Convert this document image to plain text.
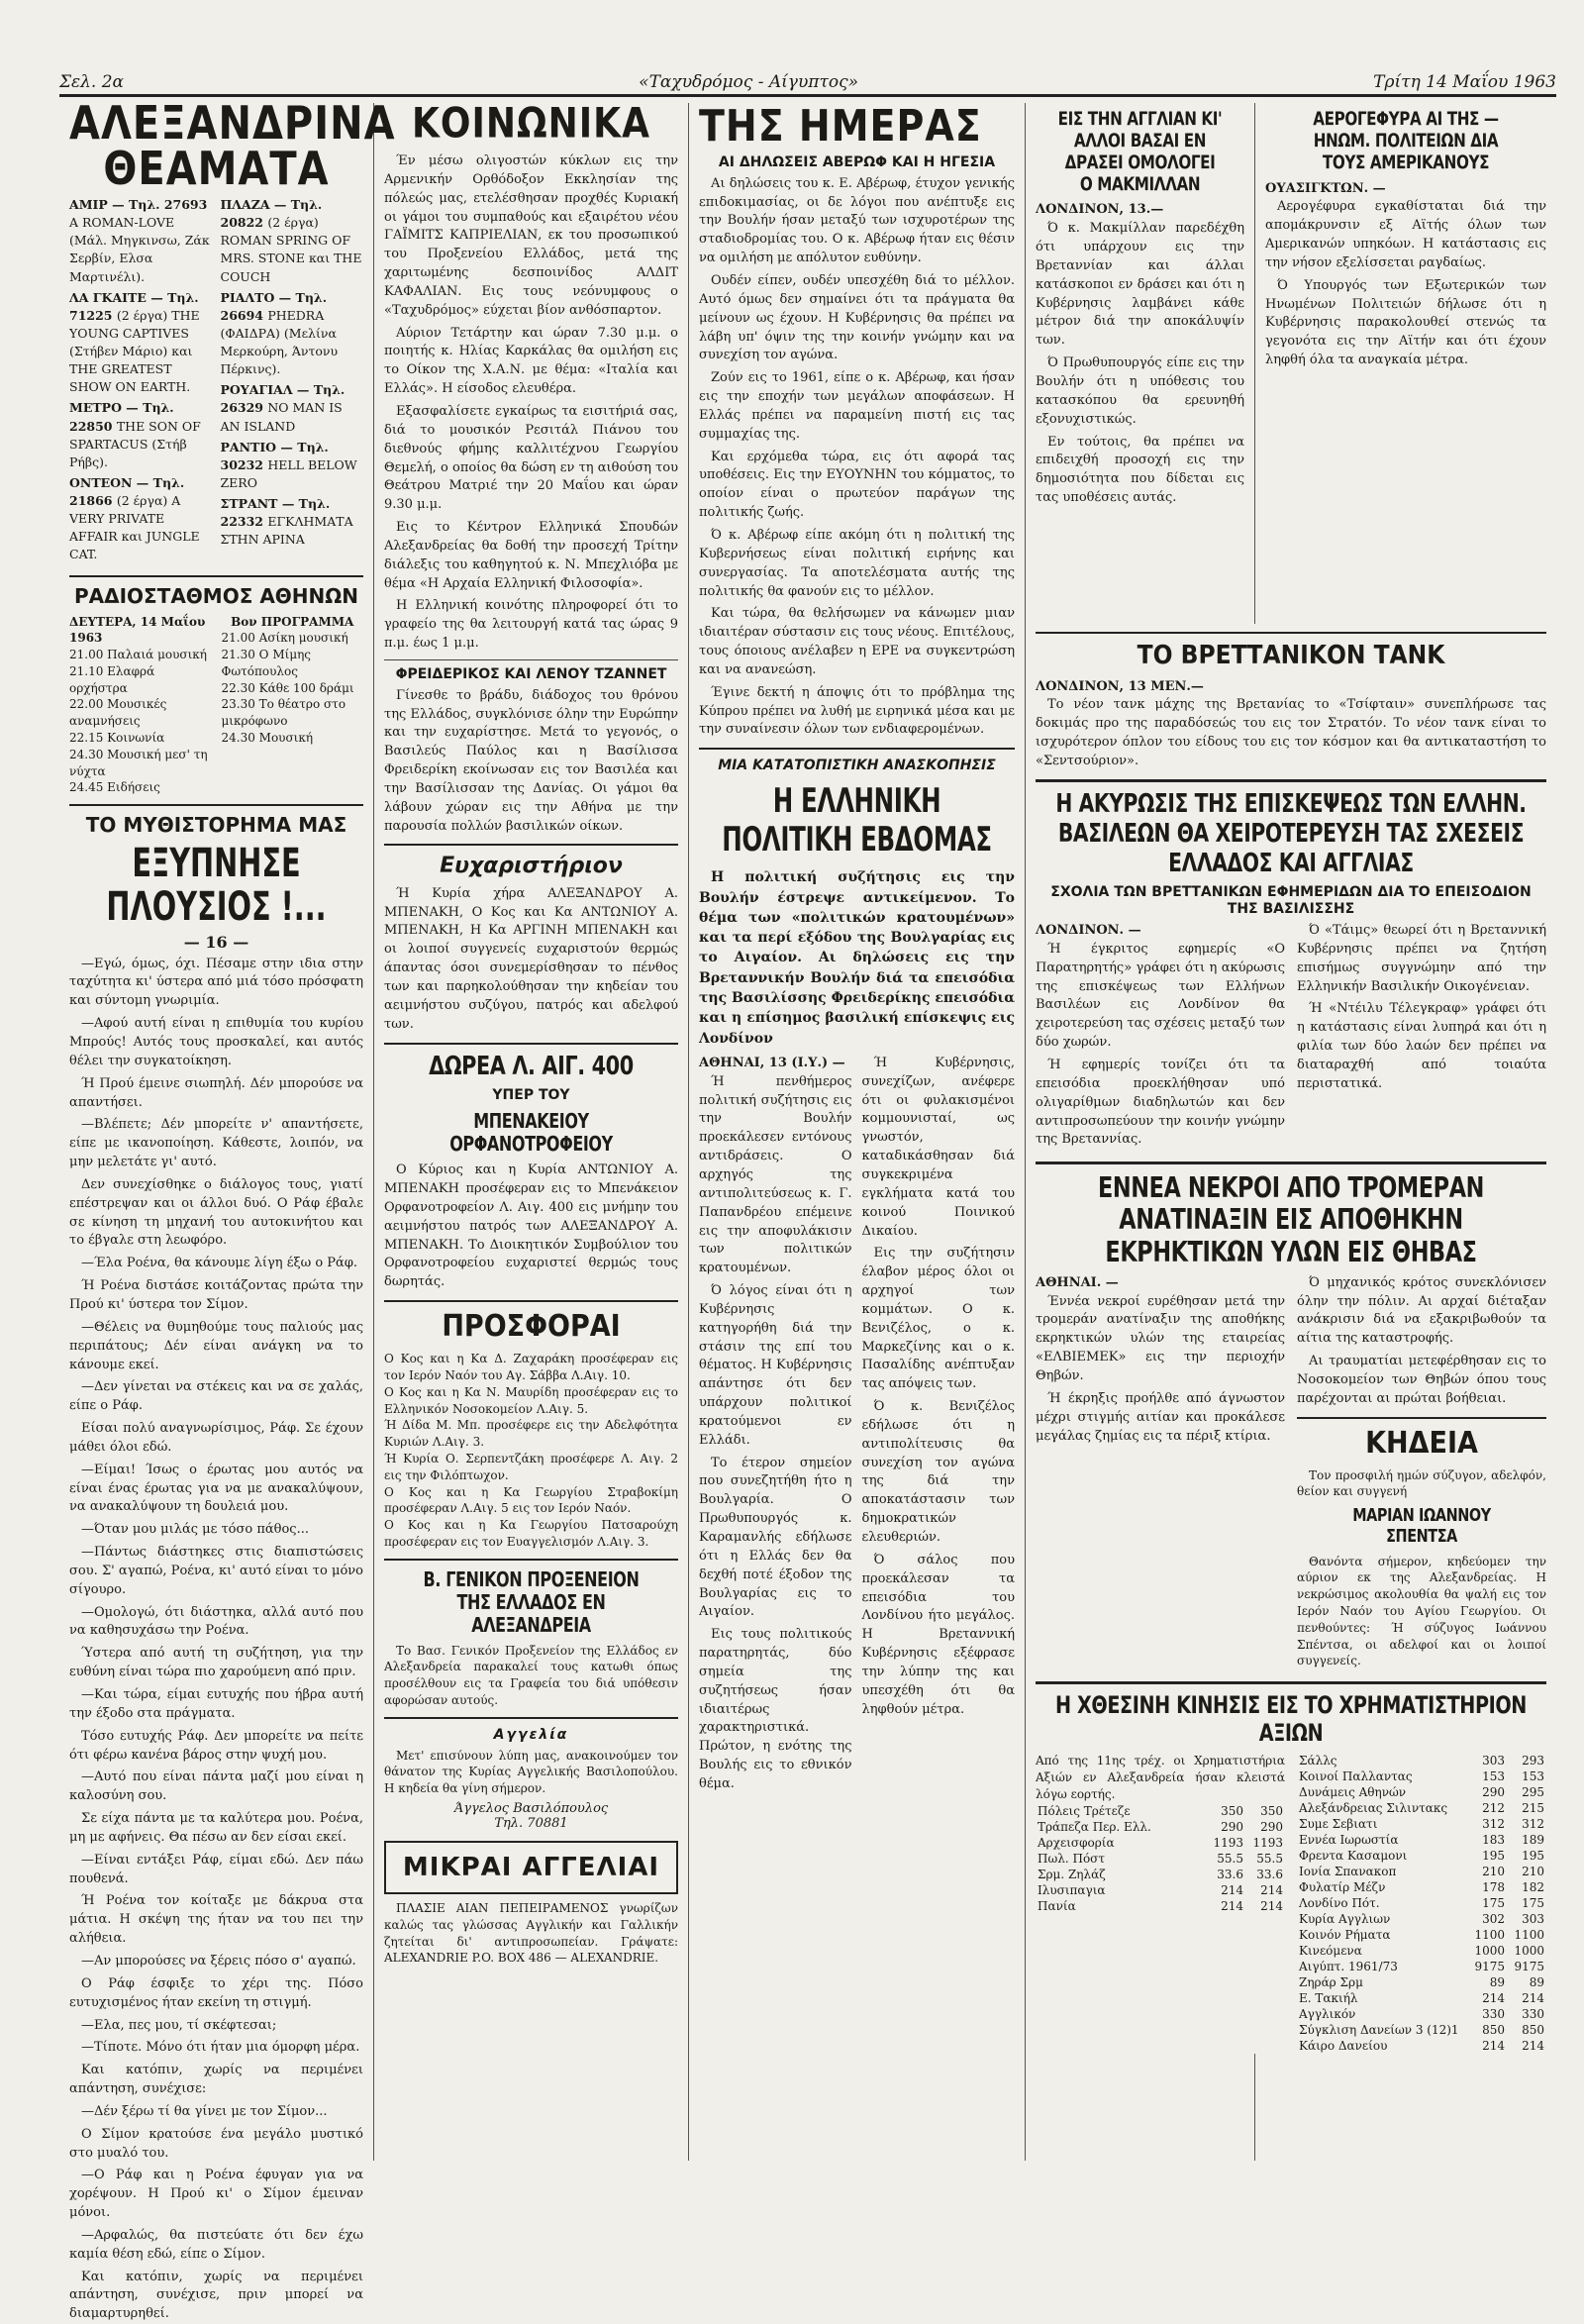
Σελ. 2α	«Ταχυδρόμος - Αίγυπτος»	Τρίτη 14 Μαΐου 1963
ΑΛΕΞΑΝΔΡΙΝΑ ΘΕΑΜΑΤΑ
ΑΜΙΡ — Τηλ. 27693 A ROMAN-LOVE (Μάλ. Μηγκινσω, Ζάκ Σερβίν, Ελσα Μαρτινέλι).
ΛΑ ΓΚΑΙΤΕ — Τηλ. 71225 (2 έργα) THE YOUNG CAPTIVES (Στήβεν Μάριο) και THE GREATEST SHOW ON EARTH.
ΜΕΤΡΟ — Τηλ. 22850 THE SON OF SPARTACUS (Στήβ Ρήβς).
ΟΝΤΕΟΝ — Τηλ. 21866 (2 έργα) A VERY PRIVATE AFFAIR και JUNGLE CAT.
ΠΛΑΖΑ — Τηλ. 20822 (2 έργα) ROMAN SPRING OF MRS. STONE και THE COUCH
ΡΙΑΛΤΟ — Τηλ. 26694 PHEDRA (ΦΑΙΔΡΑ) (Μελίνα Μερκούρη, Άντονυ Πέρκινς).
ΡΟΥΑΓΙΑΛ — Τηλ. 26329 NO MAN IS AN ISLAND
ΡΑΝΤΙΟ — Τηλ. 30232 HELL BELOW ZERO
ΣΤΡΑΝΤ — Τηλ. 22332 ΕΓΚΛΗΜΑΤΑ ΣΤΗΝ ΑΡΙΝΑ
ΡΑΔΙΟΣΤΑΘΜΟΣ ΑΘΗΝΩΝ
ΔΕΥΤΕΡΑ, 14 Μαΐου 1963
21.00 Παλαιά μουσική
21.10 Ελαφρά ορχήστρα
22.00 Μουσικές αναμνήσεις
22.15 Κοινωνία
24.30 Μουσική μεσ' τη νύχτα
24.45 Ειδήσεις
Βον ΠΡΟΓΡΑΜΜΑ
21.00 Ασίκη μουσική
21.30 Ο Μίμης Φωτόπουλος
22.30 Κάθε 100 δράμι
23.30 Το θέατρο στο μικρόφωνο
24.30 Μουσική
ΤΟ ΜΥΘΙΣΤΟΡΗΜΑ ΜΑΣ
ΕΞΥΠΝΗΣΕ ΠΛΟΥΣΙΟΣ !...
— 16 —

—Εγώ, όμως, όχι. Πέσαμε στην ιδια στην ταχύτητα κι' ύστερα από μιά τόσο πρόσφατη και σύντομη γνωριμία.

—Αφού αυτή είναι η επιθυμία του κυρίου Μπρούς! Αυτός τους προσκαλεί, και αυτός θέλει την συγκατοίκηση.

Ή Πρού έμεινε σιωπηλή. Δέν μπορούσε να απαντήσει.

—Βλέπετε; Δέν μπορείτε ν' απαντήσετε, είπε με ικανοποίηση. Κάθεστε, λοιπόν, να μην μελετάτε γι' αυτό.

Δεν συνεχίσθηκε ο διάλογος τους, γιατί επέστρεψαν και οι άλλοι δυό. Ο Ράφ έβαλε σε κίνηση τη μηχανή του αυτοκινήτου και το έβγαλε στη λεωφόρο.

—Έλα Ροένα, θα κάνουμε λίγη έξω ο Ράφ.

Ή Ροένα διστάσε κοιτάζοντας πρώτα την Πρού κι' ύστερα τον Σίμον.

—Θέλεις να θυμηθούμε τους παλιούς μας περιπάτους; Δέν είναι ανάγκη να το κάνουμε εκεί.

—Δεν γίνεται να στέκεις και να σε χαλάς, είπε ο Ράφ.

Είσαι πολύ αναγνωρίσιμος, Ράφ. Σε έχουν μάθει όλοι εδώ.

—Είμαι! Ίσως ο έρωτας μου αυτός να είναι ένας έρωτας για να με ανακαλύψουν, να ανακαλύψουν τη δουλειά μου.

—Όταν μου μιλάς με τόσο πάθος...

—Πάντως διάστηκες στις διαπιστώσεις σου. Σ' αγαπώ, Ροένα, κι' αυτό είναι το μόνο σίγουρο.

—Ομολογώ, ότι διάστηκα, αλλά αυτό που να καθησυχάσω την Ροένα.

Ύστερα από αυτή τη συζήτηση, για την ευθύνη είναι τώρα πιο χαρούμενη από πριν.

—Και τώρα, είμαι ευτυχής που ήβρα αυτή την έξοδο στα πράγματα.

Τόσο ευτυχής Ράφ. Δεν μπορείτε να πείτε ότι φέρω κανένα βάρος στην ψυχή μου.

—Αυτό που είναι πάντα μαζί μου είναι η καλοσύνη σου.

Σε είχα πάντα με τα καλύτερα μου. Ροένα, μη με αφήνεις. Θα πέσω αν δεν είσαι εκεί.

—Είναι εντάξει Ράφ, είμαι εδώ. Δεν πάω πουθενά.

Ή Ροένα τον κοίταξε με δάκρυα στα μάτια. Η σκέψη της ήταν να του πει την αλήθεια.

—Αν μπορούσες να ξέρεις πόσο σ' αγαπώ.

Ο Ράφ έσφιξε το χέρι της. Πόσο ευτυχισμένος ήταν εκείνη τη στιγμή.

—Ελα, πες μου, τί σκέφτεσαι;

—Τίποτε. Μόνο ότι ήταν μια όμορφη μέρα.

Και κατόπιν, χωρίς να περιμένει απάντηση, συνέχισε:

—Δέν ξέρω τί θα γίνει με τον Σίμον...

Ο Σίμον κρατούσε ένα μεγάλο μυστικό στο μυαλό του.

—Ο Ράφ και η Ροένα έφυγαν για να χορέψουν. Η Πρού κι' ο Σίμον έμειναν μόνοι.

—Αρφαλώς, θα πιστεύατε ότι δεν έχω καμία θέση εδώ, είπε ο Σίμον.

Και κατόπιν, χωρίς να περιμένει απάντηση, συνέχισε, πριν μπορεί να διαμαρτυρηθεί.

ΚΟΙΝΩΝΙΚΑ

Έν μέσω ολιγοστών κύκλων εις την Αρμενικήν Ορθόδοξον Εκκλησίαν της πόλεώς μας, ετελέσθησαν προχθές Κυριακή οι γάμοι του συμπαθούς και εξαιρέτου νέου ΓΑΪΜΙΤΣ ΚΑΠΡΙΕΛΙΑΝ, εκ του προσωπικού του Προξενείου Ελλάδος, μετά της χαριτωμένης δεσποινίδος ΑΛΔΙΤ ΚΑΦΑΛΙΑΝ. Εις τους νεόνυμφους ο «Ταχυδρόμος» εύχεται βίον ανθόσπαρτον.

Αύριον Τετάρτην και ώραν 7.30 μ.μ. ο ποιητής κ. Ηλίας Καρκάλας θα ομιλήση εις το Οίκον της Χ.Α.Ν. με θέμα: «Ιταλία και Ελλάς». Η είσοδος ελευθέρα.

Εξασφαλίσετε εγκαίρως τα εισιτήριά σας, διά το μουσικόν Ρεσιτάλ Πιάνου του διεθνούς φήμης καλλιτέχνου Γεωργίου Θεμελή, ο οποίος θα δώση εν τη αιθούση του Θεάτρου Ματριέ την 20 Μαΐου και ώραν 9.30 μ.μ.

Εις το Κέντρον Ελληνικά Σπουδών Αλεξανδρείας θα δοθή την προσεχή Τρίτην διάλεξις του καθηγητού κ. Ν. Μπεχλιόβα με θέμα «Η Αρχαία Ελληνική Φιλοσοφία».

Η Ελληνική κοινότης πληροφορεί ότι το γραφείο της θα λειτουργή κατά τας ώρας 9 π.μ. έως 1 μ.μ.

ΦΡΕΙΔΕΡΙΚΟΣ ΚΑΙ ΛΕΝΟΥ ΤΖΑΝΝΕΤ

Γίνεσθε το βράδυ, διάδοχος του θρόνου της Ελλάδος, συγκλόνισε όλην την Ευρώπην και την ευχαρίστησε. Μετά το γεγονός, ο Βασιλεύς Παύλος και η Βασίλισσα Φρειδερίκη εκοίνωσαν εις τον Βασιλέα και την Βασίλισσαν της Δανίας. Οι γάμοι θα λάβουν χώραν εις την Αθήνα με την παρουσία πολλών βασιλικών οίκων.

Ευχαριστήριον

Ή Κυρία χήρα ΑΛΕΞΑΝΔΡΟΥ Α. ΜΠΕΝΑΚΗ, Ο Κος και Κα ΑΝΤΩΝΙΟΥ Α. ΜΠΕΝΑΚΗ, Η Κα ΑΡΓΙΝΗ ΜΠΕΝΑΚΗ και οι λοιποί συγγενείς ευχαριστούν θερμώς άπαντας όσοι συνεμερίσθησαν το πένθος των και παρηκολούθησαν την κηδείαν του αειμνήστου συζύγου, πατρός και αδελφού των.

ΔΩΡΕΑ Λ. ΑΙΓ. 400
ΥΠΕΡ ΤΟΥ
ΜΠΕΝΑΚΕΙΟΥ ΟΡΦΑΝΟΤΡΟΦΕΙΟΥ

Ο Κύριος και η Κυρία ΑΝΤΩΝΙΟΥ Α. ΜΠΕΝΑΚΗ προσέφεραν εις το Μπενάκειον Ορφανοτροφείον Λ. Αιγ. 400 εις μνήμην του αειμνήστου πατρός των ΑΛΕΞΑΝΔΡΟΥ Α. ΜΠΕΝΑΚΗ. Το Διοικητικόν Συμβούλιον του Ορφανοτροφείου ευχαριστεί θερμώς τους δωρητάς.

ΠΡΟΣΦΟΡΑΙ
Ο Κος και η Κα Δ. Ζαχαράκη προσέφεραν εις τον Ιερόν Ναόν του Αγ. Σάββα Λ.Αιγ. 10.
Ο Κος και η Κα Ν. Μαυρίδη προσέφεραν εις το Ελληνικόν Νοσοκομείον Λ.Αιγ. 5.
Ή Δίδα Μ. Μπ. προσέφερε εις την Αδελφότητα Κυριών Λ.Αιγ. 3.
Ή Κυρία Ο. Σερπεντζάκη προσέφερε Λ. Αιγ. 2 εις την Φιλόπτωχον.
Ο Κος και η Κα Γεωργίου Στραβοκίμη προσέφεραν Λ.Αιγ. 5 εις τον Ιερόν Ναόν.
Ο Κος και η Κα Γεωργίου Πατσαρούχη προσέφεραν εις τον Ευαγγελισμόν Λ.Αιγ. 3.
Β. ΓΕΝΙΚΟΝ ΠΡΟΞΕΝΕΙΟΝ ΤΗΣ ΕΛΛΑΔΟΣ ΕΝ ΑΛΕΞΑΝΔΡΕΙΑ

Το Βασ. Γενικόν Προξενείον της Ελλάδος εν Αλεξανδρεία παρακαλεί τους κατωθι όπως προσέλθουν εις τα Γραφεία του διά υπόθεσιν αφορώσαν αυτούς.

Αγγελία

Μετ' επισύνουν λύπη μας, ανακοινούμεν τον θάνατον της Κυρίας Αγγελικής Βασιλοπούλου. Η κηδεία θα γίνη σήμερον.

Άγγελος Βασιλόπουλος
Τηλ. 70881
ΜΙΚΡΑΙ ΑΓΓΕΛΙΑΙ

ΠΛΑΣΙΕ ΑΙΑΝ ΠΕΠΕΙΡΑΜΕΝΟΣ γνωρίζων καλώς τας γλώσσας Αγγλικήν και Γαλλικήν ζητείται δι' αντιπροσωπείαν. Γράψατε: ALEXANDRIE P.O. BOX 486 — ALEXANDRIE.

ΤΗΣ ΗΜΕΡΑΣ
ΑΙ ΔΗΛΩΣΕΙΣ ΑΒΕΡΩΦ ΚΑΙ Η ΗΓΕΣΙΑ

Αι δηλώσεις του κ. Ε. Αβέρωφ, έτυχον γενικής επιδοκιμασίας, οι δε λόγοι που ανέπτυξε εις την Βουλήν ήσαν μεταξύ των ισχυροτέρων της σταδιοδρομίας του. Ο κ. Αβέρωφ ήταν εις θέσιν να ομιλήση με απόλυτον ευθύνην.

Ουδέν είπεν, ουδέν υπεσχέθη διά το μέλλον. Αυτό όμως δεν σημαίνει ότι τα πράγματα θα μείνουν ως έχουν. Η Κυβέρνησις θα πρέπει να λάβη υπ' όψιν της την κοινήν γνώμην και να συνεχίση τον αγώνα.

Ζούν εις το 1961, είπε ο κ. Αβέρωφ, και ήσαν εις την εποχήν των μεγάλων αποφάσεων. Η Ελλάς πρέπει να παραμείνη πιστή εις τας συμμαχίας της.

Και ερχόμεθα τώρα, εις ότι αφορά τας υποθέσεις. Εις την ΕΥΟΥΝΗΝ του κόμματος, το οποίον είναι ο πρωτεύον παράγων της πολιτικής ζωής.

Ό κ. Αβέρωφ είπε ακόμη ότι η πολιτική της Κυβερνήσεως είναι πολιτική ειρήνης και συνεργασίας. Τα αποτελέσματα αυτής της πολιτικής θα φανούν εις το μέλλον.

Και τώρα, θα θελήσωμεν να κάνωμεν μιαν ιδιαιτέραν σύστασιν εις τους νέους. Επιτέλους, τους όποιους ανέλαβεν η ΕΡΕ να συγκεντρώση και να ανανεώση.

Έγινε δεκτή η άποψις ότι το πρόβλημα της Κύπρου πρέπει να λυθή με ειρηνικά μέσα και με την συναίνεσιν όλων των ενδιαφερομένων.

ΜΙΑ ΚΑΤΑΤΟΠΙΣΤΙΚΗ ΑΝΑΣΚΟΠΗΣΙΣ
Η ΕΛΛΗΝΙΚΗ ΠΟΛΙΤΙΚΗ ΕΒΔΟΜΑΣ

Η πολιτική συζήτησις εις την Βουλήν έστρεψε αντικείμενον. Το θέμα των «πολιτικών κρατουμένων» και τα περί εξόδου της Βουλγαρίας εις το Αιγαίον. Αι δηλώσεις εις την Βρεταννικήν Βουλήν διά τα επεισόδια της Βασιλίσσης Φρειδερίκης επεισόδια και η επίσημος βασιλική επίσκεψις εις Λονδίνον

ΑΘΗΝΑΙ, 13 (Ι.Υ.) —

Ή πενθήμερος πολιτική συζήτησις εις την Βουλήν προεκάλεσεν εντόνους αντιδράσεις. Ο αρχηγός της αντιπολιτεύσεως κ. Γ. Παπανδρέου επέμεινε εις την αποφυλάκισιν των πολιτικών κρατουμένων.

Ό λόγος είναι ότι η Κυβέρνησις κατηγορήθη διά την στάσιν της επί του θέματος. Η Κυβέρνησις απάντησε ότι δεν υπάρχουν πολιτικοί κρατούμενοι εν Ελλάδι.

Το έτερον σημείον που συνεζητήθη ήτο η Βουλγαρία. Ο Πρωθυπουργός κ. Καραμανλής εδήλωσε ότι η Ελλάς δεν θα δεχθή ποτέ έξοδον της Βουλγαρίας εις το Αιγαίον.

Εις τους πολιτικούς παρατηρητάς, δύο σημεία της συζητήσεως ήσαν ιδιαιτέρως χαρακτηριστικά. Πρώτον, η ενότης της Βουλής εις το εθνικόν θέμα.

Ή Κυβέρνησις, συνεχίζων, ανέφερε ότι οι φυλακισμένοι κομμουνισταί, ως γνωστόν, καταδικάσθησαν διά συγκεκριμένα εγκλήματα κατά του κοινού Ποινικού Δικαίου.

Εις την συζήτησιν έλαβον μέρος όλοι οι αρχηγοί των κομμάτων. Ο κ. Βενιζέλος, ο κ. Μαρκεζίνης και ο κ. Πασαλίδης ανέπτυξαν τας απόψεις των.

Ό κ. Βενιζέλος εδήλωσε ότι η αντιπολίτευσις θα συνεχίση τον αγώνα της διά την αποκατάστασιν των δημοκρατικών ελευθεριών.

Ό σάλος που προεκάλεσαν τα επεισόδια του Λονδίνου ήτο μεγάλος. Η Βρεταννική Κυβέρνησις εξέφρασε την λύπην της και υπεσχέθη ότι θα ληφθούν μέτρα.

ΕΙΣ ΤΗΝ ΑΓΓΛΙΑΝ ΚΙ' ΑΛΛΟΙ ΒΑΣΑΙ ΕΝ ΔΡΑΣΕΙ ΟΜΟΛΟΓΕΙ Ο ΜΑΚΜΙΛΛΑΝ
ΛΟΝΔΙΝΟΝ, 13.—

Ό κ. Μακμίλλαν παρεδέχθη ότι υπάρχουν εις την Βρεταννίαν και άλλαι κατάσκοποι εν δράσει και ότι η Κυβέρνησις λαμβάνει κάθε μέτρον διά την αποκάλυψίν των.

Ό Πρωθυπουργός είπε εις την Βουλήν ότι η υπόθεσις του κατασκόπου θα ερευνηθή εξονυχιστικώς.

Εν τούτοις, θα πρέπει να επιδειχθή προσοχή εις την δημοσιότητα που δίδεται εις τας υποθέσεις αυτάς.

ΑΕΡΟΓΕΦΥΡΑ ΑΙ ΤΗΣ — ΗΝΩΜ. ΠΟΛΙΤΕΙΩΝ ΔΙΑ ΤΟΥΣ ΑΜΕΡΙΚΑΝΟΥΣ
ΟΥΑΣΙΓΚΤΩΝ. —

Αερογέφυρα εγκαθίσταται διά την απομάκρυνσιν εξ Αϊτής όλων των Αμερικανών υπηκόων. Η κατάστασις εις την νήσον εξελίσσεται ραγδαίως.

Ό Υπουργός των Εξωτερικών των Ηνωμένων Πολιτειών δήλωσε ότι η Κυβέρνησις παρακολουθεί στενώς τα γεγονότα εις την Αϊτήν και ότι έχουν ληφθή όλα τα αναγκαία μέτρα.

ΤΟ ΒΡΕΤΤΑΝΙΚΟΝ ΤΑΝΚ
ΛΟΝΔΙΝΟΝ, 13 ΜΕΝ.—

Το νέον τανκ μάχης της Βρετανίας το «Τσίφταιν» συνεπλήρωσε τας δοκιμάς προ της παραδόσεώς του εις τον Στρατόν. Το νέον τανκ είναι το ισχυρότερον όπλον του είδους του εις τον κόσμον και θα αντικαταστήση το «Σεντσούριον».

Η ΑΚΥΡΩΣΙΣ ΤΗΣ ΕΠΙΣΚΕΨΕΩΣ ΤΩΝ ΕΛΛΗΝ. ΒΑΣΙΛΕΩΝ ΘΑ ΧΕΙΡΟΤΕΡΕΥΣΗ ΤΑΣ ΣΧΕΣΕΙΣ ΕΛΛΑΔΟΣ ΚΑΙ ΑΓΓΛΙΑΣ
ΣΧΟΛΙΑ ΤΩΝ ΒΡΕΤΤΑΝΙΚΩΝ ΕΦΗΜΕΡΙΔΩΝ ΔΙΑ ΤΟ ΕΠΕΙΣΟΔΙΟΝ ΤΗΣ ΒΑΣΙΛΙΣΣΗΣ
ΛΟΝΔΙΝΟΝ. —

Ή έγκριτος εφημερίς «Ο Παρατηρητής» γράφει ότι η ακύρωσις της επισκέψεως των Ελλήνων Βασιλέων εις Λονδίνον θα χειροτερεύση τας σχέσεις μεταξύ των δύο χωρών.

Ή εφημερίς τονίζει ότι τα επεισόδια προεκλήθησαν υπό ολιγαρίθμων διαδηλωτών και δεν αντιπροσωπεύουν την κοινήν γνώμην της Βρεταννίας.

Ό «Τάιμς» θεωρεί ότι η Βρεταννική Κυβέρνησις πρέπει να ζητήση επισήμως συγγνώμην από την Ελληνικήν Βασιλικήν Οικογένειαν.

Ή «Ντέιλυ Τέλεγκραφ» γράφει ότι η κατάστασις είναι λυπηρά και ότι η φιλία των δύο λαών δεν πρέπει να διαταραχθή από τοιαύτα περιστατικά.

ΕΝΝΕΑ ΝΕΚΡΟΙ ΑΠΟ ΤΡΟΜΕΡΑΝ ΑΝΑΤΙΝΑΞΙΝ ΕΙΣ ΑΠΟΘΗΚΗΝ ΕΚΡΗΚΤΙΚΩΝ ΥΛΩΝ ΕΙΣ ΘΗΒΑΣ
ΑΘΗΝΑΙ. —

Έννέα νεκροί ευρέθησαν μετά την τρομεράν ανατίναξιν της αποθήκης εκρηκτικών υλών της εταιρείας «ΕΛΒΙΕΜΕΚ» εις την περιοχήν Θηβών.

Ή έκρηξις προήλθε από άγνωστον μέχρι στιγμής αιτίαν και προκάλεσε μεγάλας ζημίας εις τα πέριξ κτίρια.

Ό μηχανικός κρότος συνεκλόνισεν όλην την πόλιν. Αι αρχαί διέταξαν ανάκρισιν διά να εξακριβωθούν τα αίτια της καταστροφής.

Αι τραυματίαι μετεφέρθησαν εις το Νοσοκομείον των Θηβών όπου τους παρέχονται αι πρώται βοήθειαι.

ΚΗΔΕΙΑ

Τον προσφιλή ημών σύζυγον, αδελφόν, θείον και συγγενή

ΜΑΡΙΑΝ ΙΩΑΝΝΟΥ ΣΠΕΝΤΣΑ

Θανόντα σήμερον, κηδεύομεν την αύριον εκ της Αλεξανδρείας. Η νεκρώσιμος ακολουθία θα ψαλή εις τον Ιερόν Ναόν του Αγίου Γεωργίου. Οι πενθούντες: Ή σύζυγος Ιωάννου Σπέντσα, οι αδελφοί και οι λοιποί συγγενείς.

Η ΧΘΕΣΙΝΗ ΚΙΝΗΣΙΣ ΕΙΣ ΤΟ ΧΡΗΜΑΤΙΣΤΗΡΙΟΝ ΑΞΙΩΝ

Από της 11ης τρέχ. οι Χρηματιστήρια Αξιών εν Αλεξανδρεία ήσαν κλειστά λόγω εορτής.

Πόλεις Τρέτεζε	350	350
Τράπεζα Περ. Ελλ.	290	290
Αρχεισφορία	1193	1193
Πωλ. Πόστ	55.5	55.5
Σρμ. Ζηλάζ	33.6	33.6
Ιλυσιπαγια	214	214
Πανία	214	214
Σάλλς	303	293
Κοινοί Παλλαντας	153	153
Δυνάμεις Αθηνών	290	295
Αλεξάνδρειας Σιλιντακς	212	215
Συμε Σεβιατι	312	312
Εννέα Ιωρωστία	183	189
Φρεντα Κασαμονι	195	195
Ιονία Σπανακοπ	210	210
Φυλατίρ Μέζν	178	182
Λονδίνο Πότ.	175	175
Κυρία Αγγλιων	302	303
Κοινόν Ρήματα	1100	1100
Κινεόμενα	1000	1000
Αιγύπτ. 1961/73	9175	9175
Ζηράρ Σρμ	89	89
Ε. Τακιήλ	214	214
Αγγλικόν	330	330
Σύγκλιση Δανείων 3 (12)1	850	850
Κάιρο Δανείου	214	214
